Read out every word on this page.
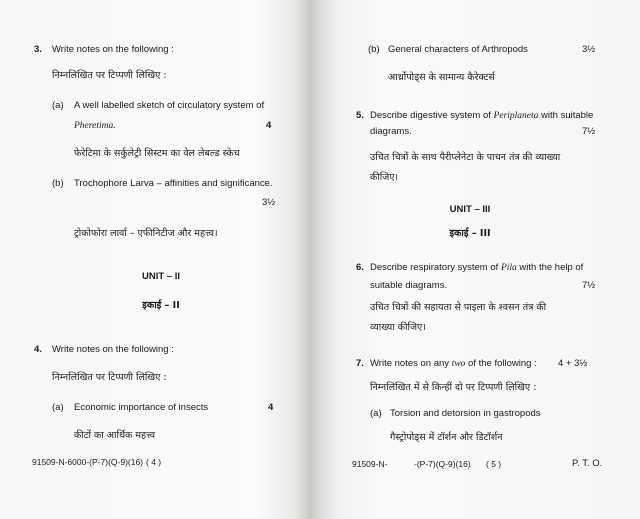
3. Write notes on the following :
निम्नलिखित पर टिप्पणी लिखिए :
(a) A well labelled sketch of circulatory system of
Pheretima.	4
फेरेटिमा के सर्कुलेट्री सिस्टम का वेल लेबल्ड स्केच
(b) Trochophore Larva – affinities and significance.
3½
ट्रोकोफोरा लार्वा – एफीनिटीज और महत्त्व।
UNIT – II
इकाई – II
4. Write notes on the following :
निम्नलिखित पर टिप्पणी लिखिए :
(a) Economic importance of insects	4
कीटों का आर्थिक महत्त्व
91509-N-6000-(P-7)(Q-9)(16) ( 4 )
(b) General characters of Arthropods	3½
आर्थ्रोपोड्स के सामान्य कैरेक्टर्स
5. Describe digestive system of Periplaneta with suitable
diagrams.	7½
उचित चित्रों के साथ पैरीप्लेनेटा के पाचन तंत्र की व्याख्या
कीजिए।
UNIT – III
इकाई – III
6. Describe respiratory system of Pila with the help of
suitable diagrams.	7½
उचित चित्रों की सहायता से पाइला के श्वसन तंत्र की
व्याख्या कीजिए।
7. Write notes on any two of the following : 4 + 3½
निम्नलिखित में से किन्हीं दो पर टिप्पणी लिखिए :
(a) Torsion and detorsion in gastropods
गैस्ट्रोपोड्स में टॉर्शन और डिटॉर्शन
91509-N-	-(P-7)(Q-9)(16) ( 5 )	P. T. O.
